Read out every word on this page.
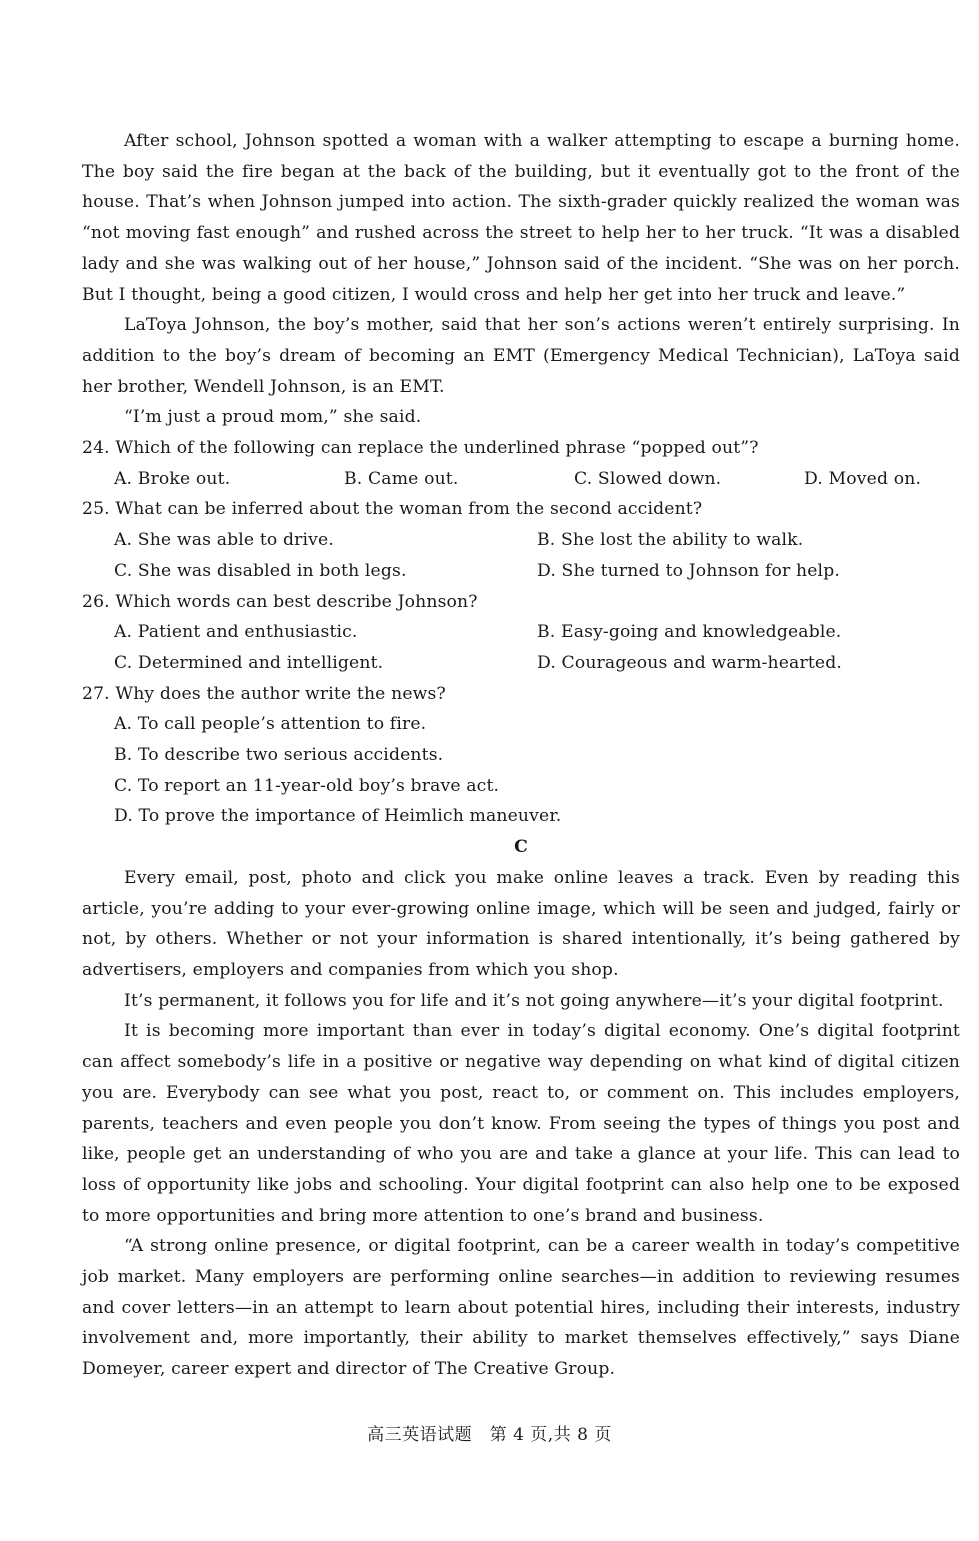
After school, Johnson spotted a woman with a walker attempting to escape a burning home. The boy said the fire began at the back of the building, but it eventually got to the front of the house. That’s when Johnson jumped into action. The sixth-grader quickly realized the woman was “not moving fast enough” and rushed across the street to help her to her truck. “It was a disabled lady and she was walking out of her house,” Johnson said of the incident. “She was on her porch. But I thought, being a good citizen, I would cross and help her get into her truck and leave.”

LaToya Johnson, the boy’s mother, said that her son’s actions weren’t entirely surprising. In addition to the boy’s dream of becoming an EMT (Emergency Medical Technician), LaToya said her brother, Wendell Johnson, is an EMT.

“I’m just a proud mom,” she said.

24. Which of the following can replace the underlined phrase “popped out”?

A. Broke out.	B. Came out.	C. Slowed down.	D. Moved on.

25. What can be inferred about the woman from the second accident?

A. She was able to drive.	B. She lost the ability to walk.
C. She was disabled in both legs.	D. She turned to Johnson for help.

26. Which words can best describe Johnson?

A. Patient and enthusiastic.	B. Easy-going and knowledgeable.
C. Determined and intelligent.	D. Courageous and warm-hearted.

27. Why does the author write the news?

A. To call people’s attention to fire.
B. To describe two serious accidents.
C. To report an 11-year-old boy’s brave act.
D. To prove the importance of Heimlich maneuver.

C

Every email, post, photo and click you make online leaves a track. Even by reading this article, you’re adding to your ever-growing online image, which will be seen and judged, fairly or not, by others. Whether or not your information is shared intentionally, it’s being gathered by advertisers, employers and companies from which you shop.

It’s permanent, it follows you for life and it’s not going anywhere—it’s your digital footprint.

It is becoming more important than ever in today’s digital economy. One’s digital footprint can affect somebody’s life in a positive or negative way depending on what kind of digital citizen you are. Everybody can see what you post, react to, or comment on. This includes employers, parents, teachers and even people you don’t know. From seeing the types of things you post and like, people get an understanding of who you are and take a glance at your life. This can lead to loss of opportunity like jobs and schooling. Your digital footprint can also help one to be exposed to more opportunities and bring more attention to one’s brand and business.

“A strong online presence, or digital footprint, can be a career wealth in today’s competitive job market. Many employers are performing online searches—in addition to reviewing resumes and cover letters—in an attempt to learn about potential hires, including their interests, industry involvement and, more importantly, their ability to market themselves effectively,” says Diane Domeyer, career expert and director of The Creative Group.

高三英语试题　第 4 页,共 8 页
